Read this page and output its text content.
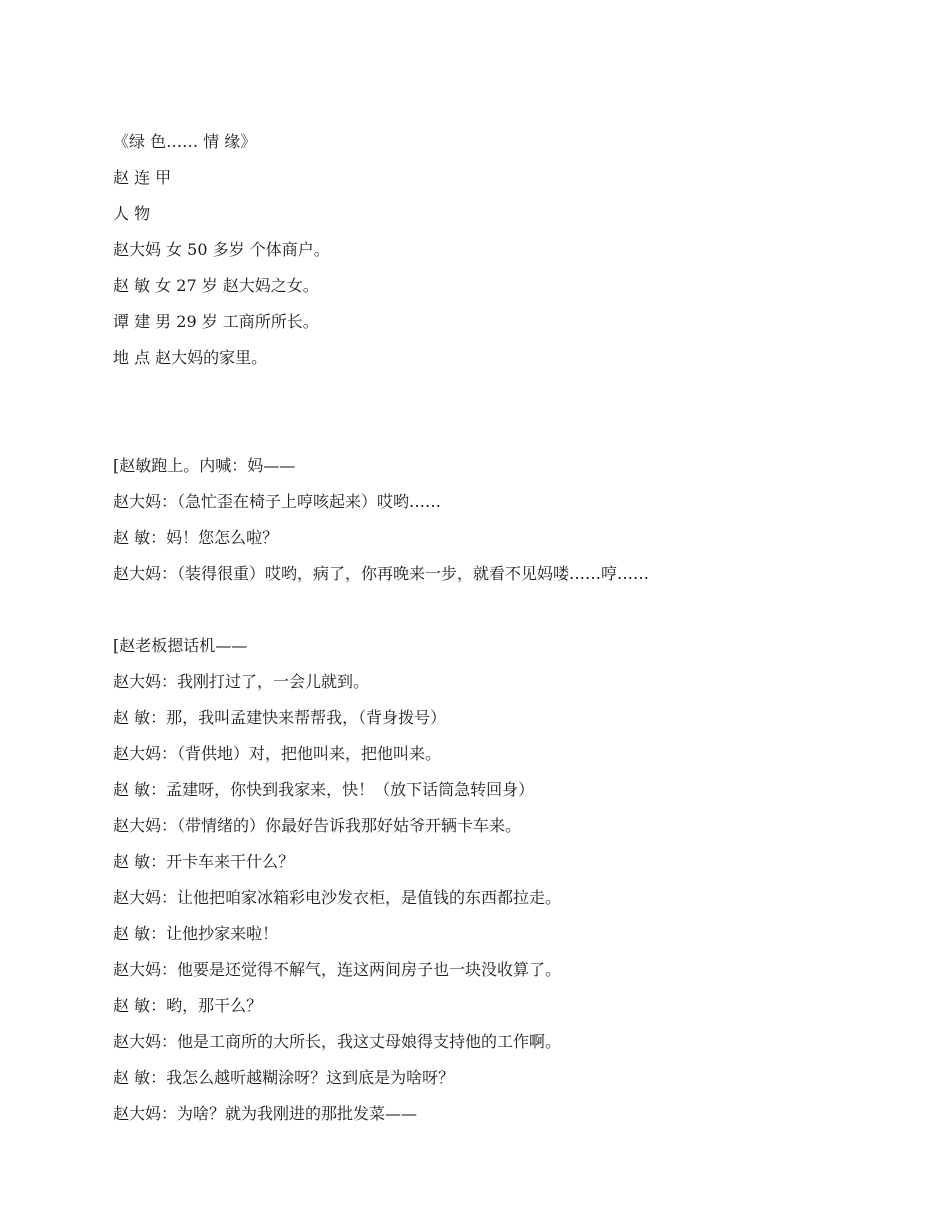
《绿 色…… 情 缘》
赵 连 甲
人 物
赵大妈 女 50 多岁 个体商户。
赵 敏 女 27 岁 赵大妈之女。
谭 建 男 29 岁 工商所所长。
地 点 赵大妈的家里。
[赵敏跑上。内喊：妈——
赵大妈：（急忙歪在椅子上哼咳起来）哎哟……
赵 敏：妈！您怎么啦？
赵大妈：（装得很重）哎哟，病了，你再晚来一步，就看不见妈喽……哼……
[赵老板摁话机——
赵大妈：我刚打过了，一会儿就到。
赵 敏：那，我叫孟建快来帮帮我，（背身拨号）
赵大妈：（背供地）对，把他叫来，把他叫来。
赵 敏：孟建呀，你快到我家来，快！（放下话筒急转回身）
赵大妈：（带情绪的）你最好告诉我那好姑爷开辆卡车来。
赵 敏：开卡车来干什么？
赵大妈：让他把咱家冰箱彩电沙发衣柜，是值钱的东西都拉走。
赵 敏：让他抄家来啦！
赵大妈：他要是还觉得不解气，连这两间房子也一块没收算了。
赵 敏：哟，那干么？
赵大妈：他是工商所的大所长，我这丈母娘得支持他的工作啊。
赵 敏：我怎么越听越糊涂呀？这到底是为啥呀？
赵大妈：为啥？就为我刚进的那批发菜——
